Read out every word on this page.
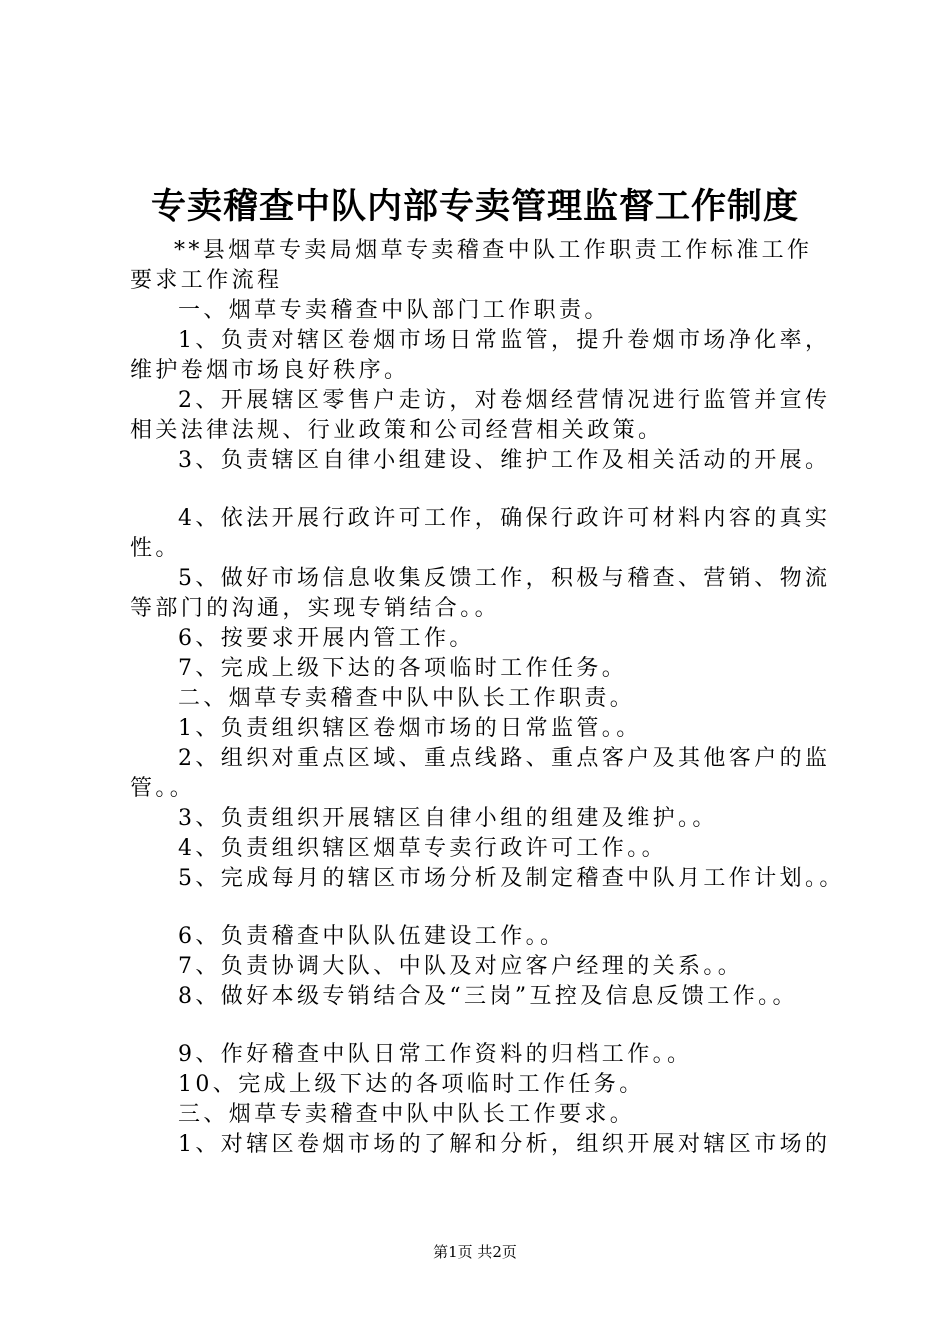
专卖稽查中队内部专卖管理监督工作制度
**县烟草专卖局烟草专卖稽查中队工作职责工作标准工作
要求工作流程
一、烟草专卖稽查中队部门工作职责。
1、负责对辖区卷烟市场日常监管，提升卷烟市场净化率，
维护卷烟市场良好秩序。
2、开展辖区零售户走访，对卷烟经营情况进行监管并宣传
相关法律法规、行业政策和公司经营相关政策。
3、负责辖区自律小组建设、维护工作及相关活动的开展。
4、依法开展行政许可工作，确保行政许可材料内容的真实
性。
5、做好市场信息收集反馈工作，积极与稽查、营销、物流
等部门的沟通，实现专销结合。。
6、按要求开展内管工作。
7、完成上级下达的各项临时工作任务。
二、烟草专卖稽查中队中队长工作职责。
1、负责组织辖区卷烟市场的日常监管。。
2、组织对重点区域、重点线路、重点客户及其他客户的监
管。。
3、负责组织开展辖区自律小组的组建及维护。。
4、负责组织辖区烟草专卖行政许可工作。。
5、完成每月的辖区市场分析及制定稽查中队月工作计划。。
6、负责稽查中队队伍建设工作。。
7、负责协调大队、中队及对应客户经理的关系。。
8、做好本级专销结合及“三岗”互控及信息反馈工作。。
9、作好稽查中队日常工作资料的归档工作。。
10、完成上级下达的各项临时工作任务。
三、烟草专卖稽查中队中队长工作要求。
1、对辖区卷烟市场的了解和分析，组织开展对辖区市场的
第1页 共2页
